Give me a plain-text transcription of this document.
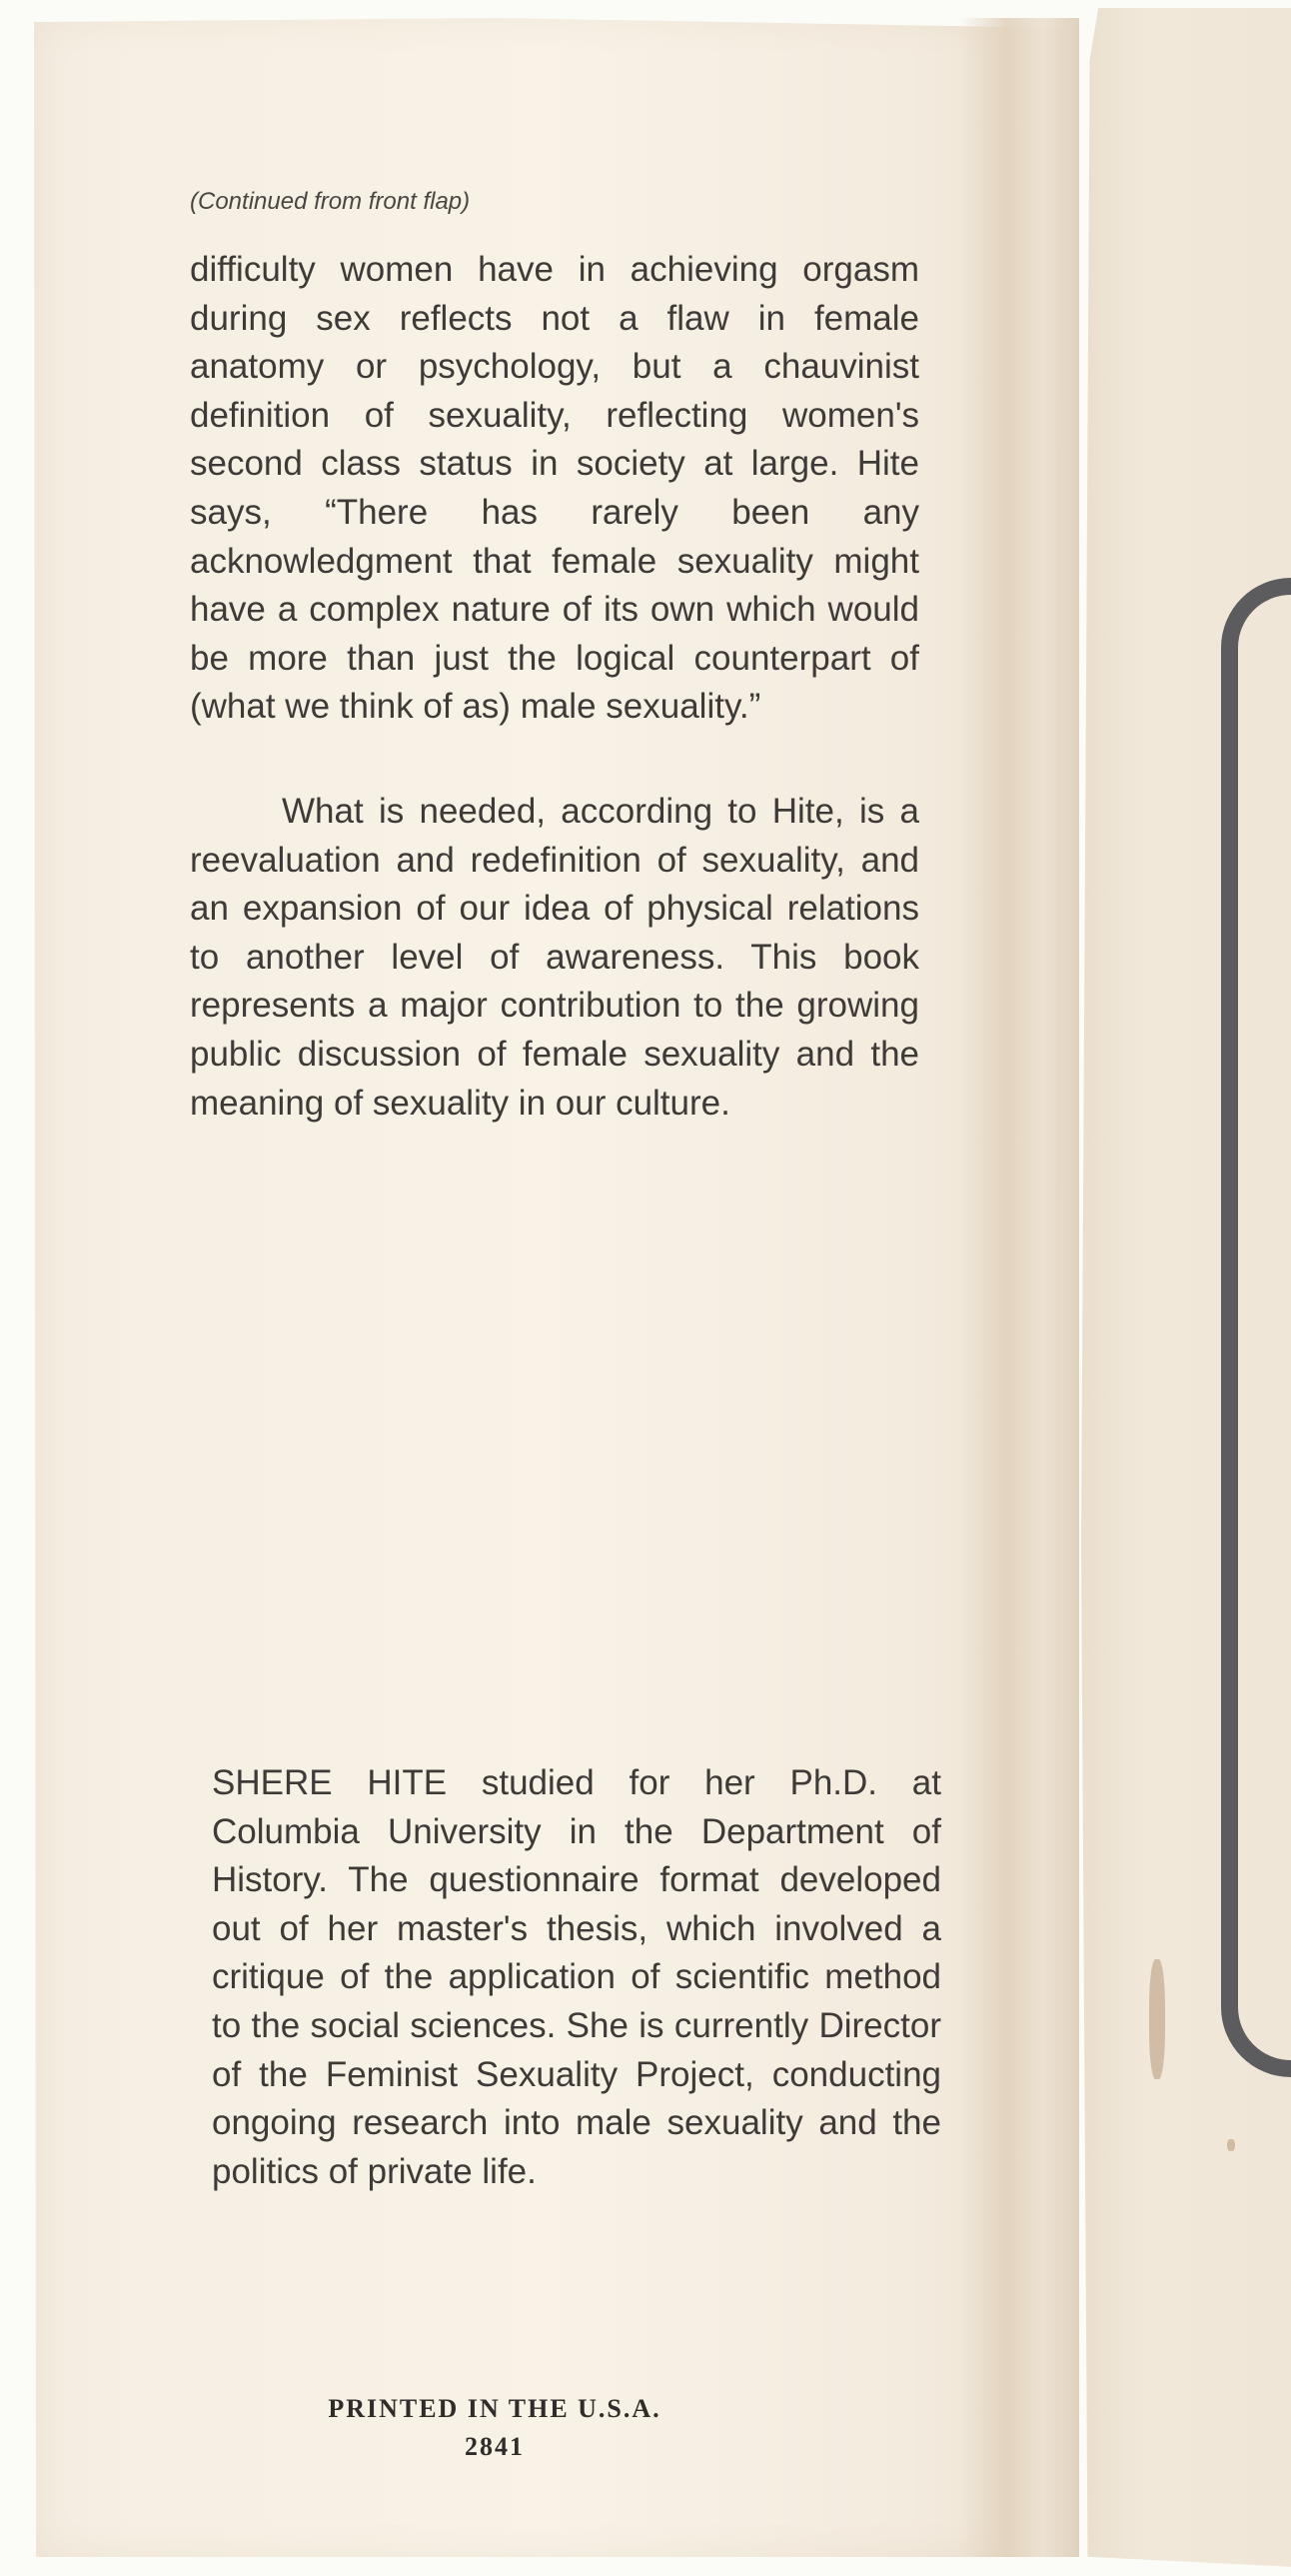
(Continued from front flap)

difficulty women have in achieving orgasm during sex reflects not a flaw in female anatomy or psychology, but a chauvinist definition of sexuality, reflecting women's second class status in society at large. Hite says, “There has rarely been any acknowledgment that female sexuality might have a complex nature of its own which would be more than just the logical counterpart of (what we think of as) male sexuality.”

What is needed, according to Hite, is a reevaluation and redefinition of sexuality, and an expansion of our idea of physical relations to another level of awareness. This book represents a major contribution to the growing public discussion of female sexuality and the meaning of sexuality in our culture.

SHERE HITE studied for her Ph.D. at Columbia University in the Department of History. The questionnaire format developed out of her master's thesis, which involved a critique of the application of scientific method to the social sciences. She is currently Director of the Feminist Sexuality Project, conducting ongoing research into male sexuality and the politics of private life.

PRINTED IN THE U.S.A.
2841
